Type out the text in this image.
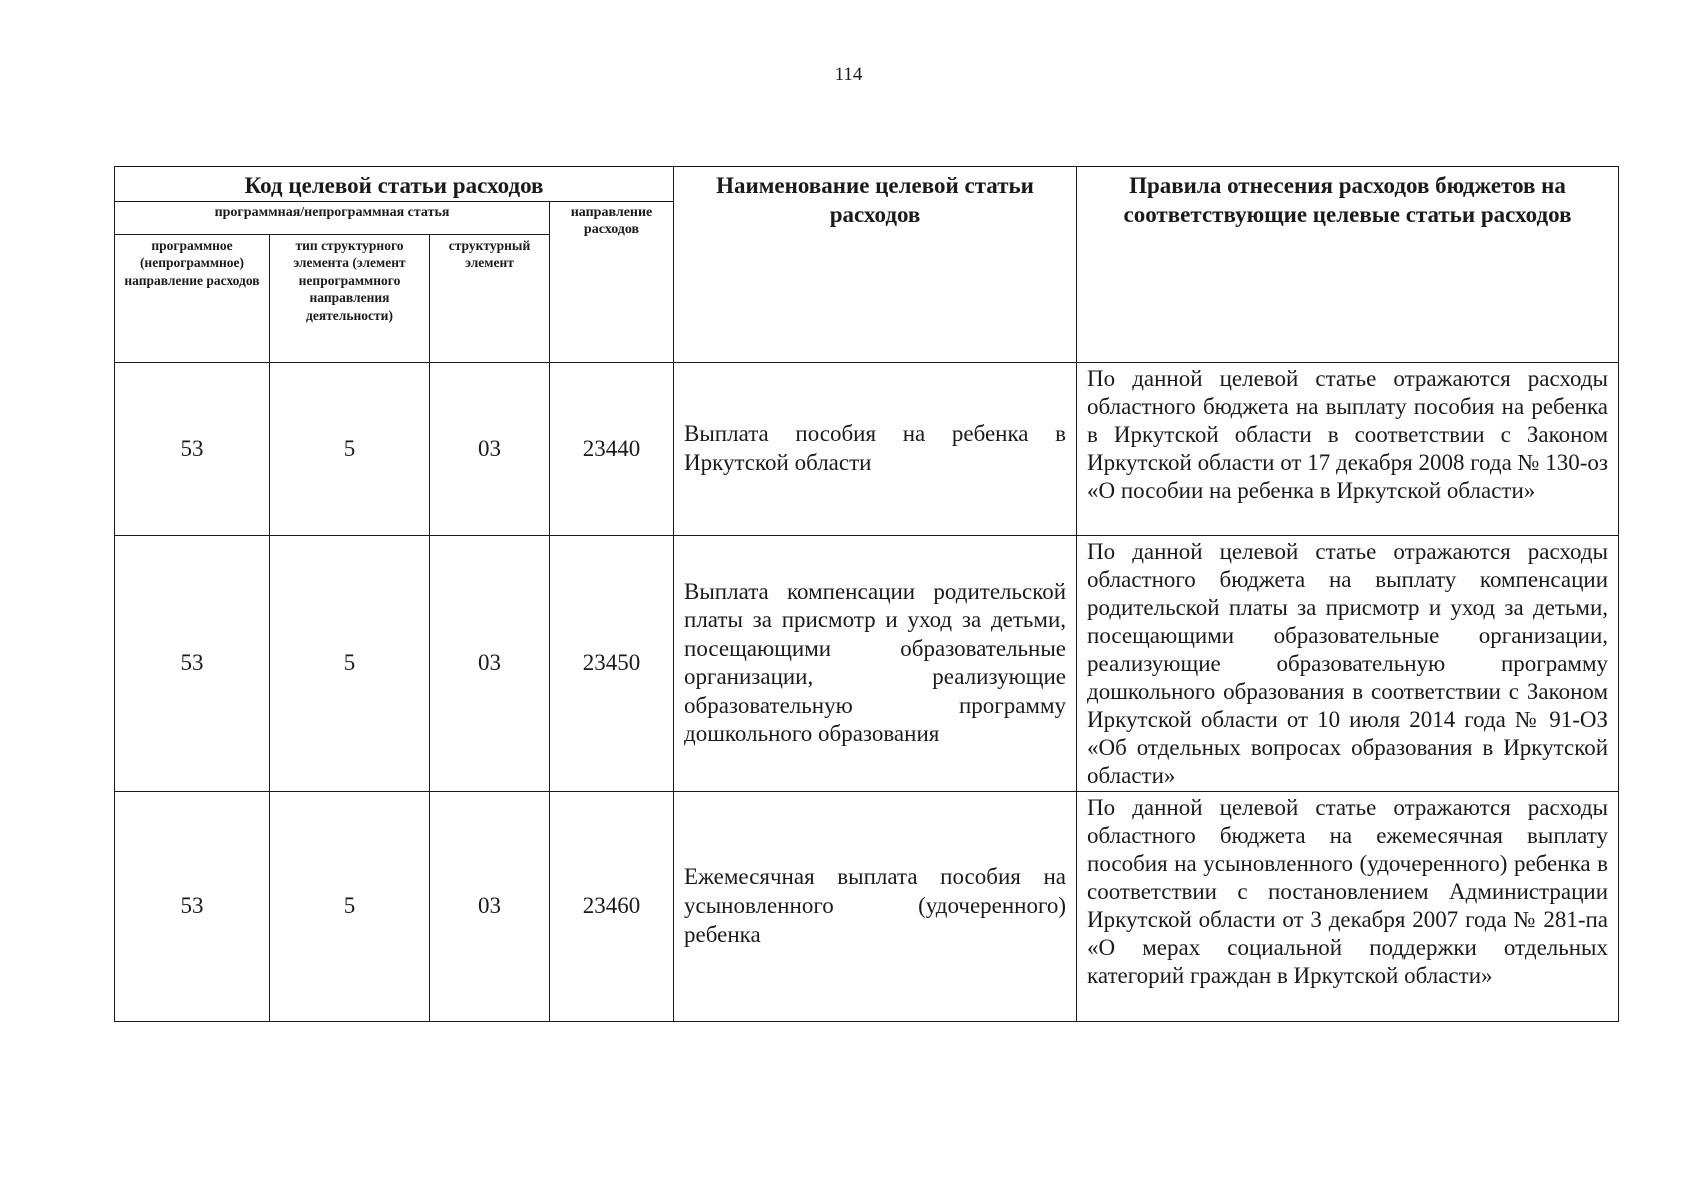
114
Код целевой статьи расходов				Наименование целевой статьи расходов	Правила отнесения расходов бюджетов на соответствующие целевые статьи расходов
программная/непрограммная статья			направление расходов		
программное (непрограммное) направление расходов	тип структурного элемента (элемент непрограммного направления деятельности)	структурный элемент			
53	5	03	23440	Выплата пособия на ребенка в Иркутской области	По данной целевой статье отражаются расходы областного бюджета на выплату пособия на ребенка в Иркутской области в соответствии с Законом Иркутской области от 17 декабря 2008 года № 130-оз «О пособии на ребенка в Иркутской области»
53	5	03	23450	Выплата компенсации родительской платы за присмотр и уход за детьми, посещающими образовательные организации, реализующие образовательную программу дошкольного образования	По данной целевой статье отражаются расходы областного бюджета на выплату компенсации родительской платы за присмотр и уход за детьми, посещающими образовательные организации, реализующие образовательную программу дошкольного образования в соответствии с Законом Иркутской области от 10 июля 2014 года № 91-ОЗ «Об отдельных вопросах образования в Иркутской области»
53	5	03	23460	Ежемесячная выплата пособия на усыновленного (удочеренного) ребенка	По данной целевой статье отражаются расходы областного бюджета на ежемесячная выплату пособия на усыновленного (удочеренного) ребенка в соответствии с постановлением Администрации Иркутской области от 3 декабря 2007 года № 281-па «О мерах социальной поддержки отдельных категорий граждан в Иркутской области»
